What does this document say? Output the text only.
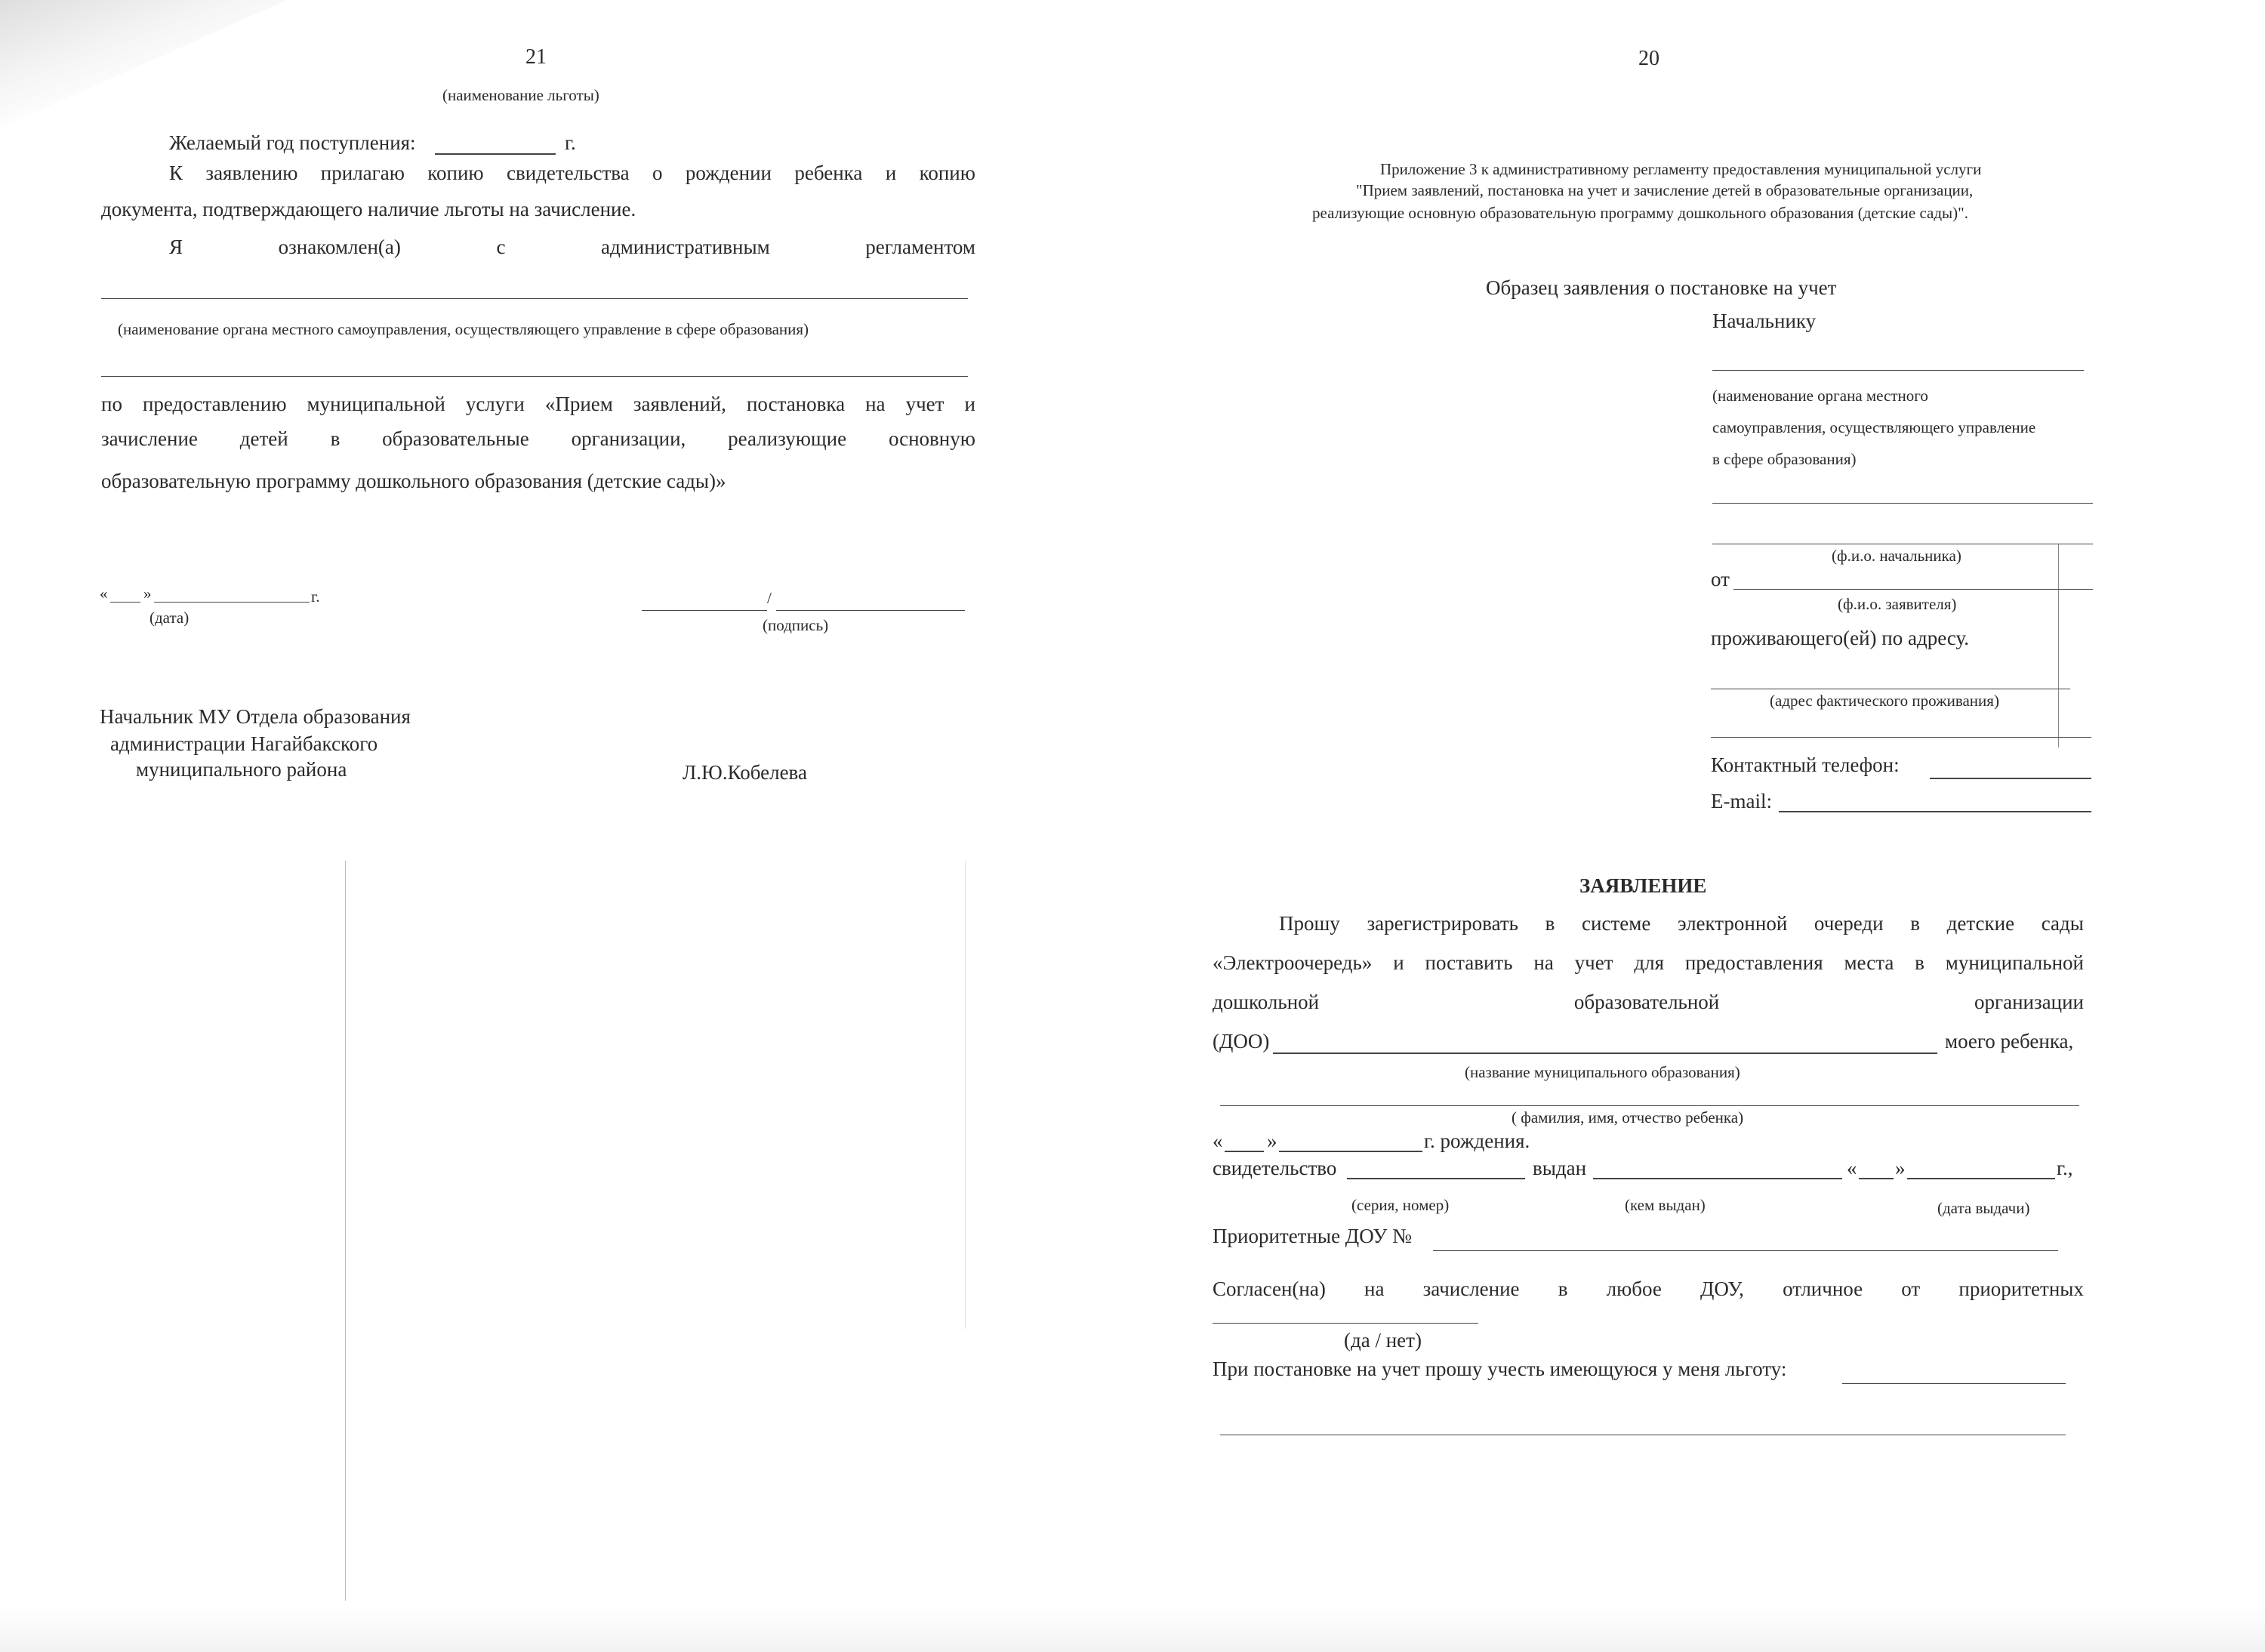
21
(наименование льготы)
Желаемый год поступления:	г.
К заявлению прилагаю копию свидетельства о рождении ребенка и копию
документа, подтверждающего наличие льготы на зачисление.
Я	ознакомлен(а)	с	административным	регламентом
(наименование органа местного самоуправления, осуществляющего управление в сфере образования)
по предоставлению муниципальной услуги «Прием заявлений, постановка на учет и
зачисление детей в образовательные организации, реализующие основную
образовательную программу дошкольного образования (детские сады)»
« »	г.
(дата)
/
(подпись)
Начальник МУ Отдела образования
администрации Нагайбакского
муниципального района	Л.Ю.Кобелева
20
Приложение 3 к административному регламенту предоставления муниципальной услуги
"Прием заявлений, постановка на учет и зачисление детей в образовательные организации,
реализующие основную образовательную программу дошкольного образования (детские сады)".
Образец заявления о постановке на учет
Начальнику
(наименование органа местного
самоуправления, осуществляющего управление
в сфере образования)
(ф.и.о. начальника)
от
(ф.и.о. заявителя)
проживающего(ей) по адресу.
(адрес фактического проживания)
Контактный телефон:
E-mail:
ЗАЯВЛЕНИЕ
Прошу зарегистрировать в системе электронной очереди в детские сады
«Электроочередь» и поставить на учет для предоставления места в муниципальной
дошкольной	образовательной	организации
(ДОО)	моего ребенка,
(название муниципального образования)
( фамилия, имя, отчество ребенка)
« »	г. рождения.
свидетельство	выдан	« »	г.,
(серия, номер)	(кем выдан)	(дата выдачи)
Приоритетные ДОУ №
Согласен(на) на зачисление в любое ДОУ, отличное от приоритетных
(да / нет)
При постановке на учет прошу учесть имеющуюся у меня льготу:
